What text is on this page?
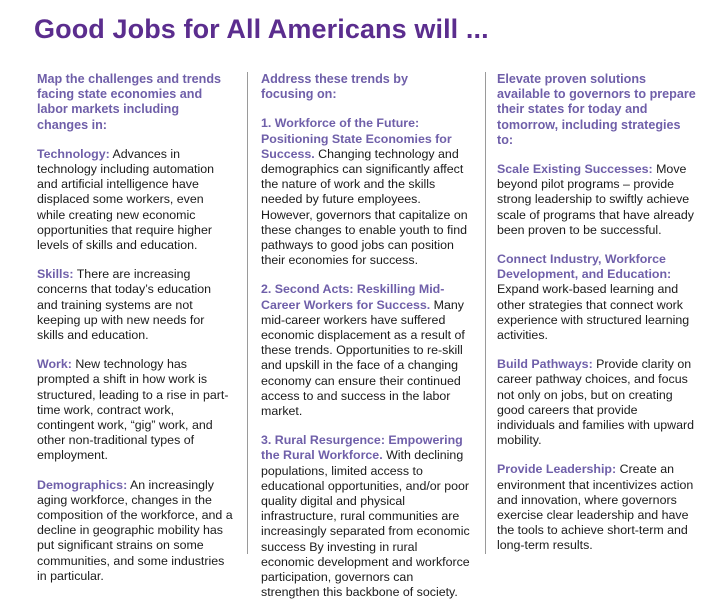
Good Jobs for All Americans will ...

Map the challenges and trends facing state economies and labor markets including changes in:

Technology: Advances in technology including automation and artificial intelligence have displaced some workers, even while creating new economic opportunities that require higher levels of skills and education.

Skills: There are increasing concerns that today’s education and training systems are not keeping up with new needs for skills and education.

Work: New technology has prompted a shift in how work is structured, leading to a rise in part-time work, contract work, contingent work, “gig” work, and other non-traditional types of employment.

Demographics: An increasingly aging workforce, changes in the composition of the workforce, and a decline in geographic mobility has put significant strains on some communities, and some industries in particular.

Address these trends by focusing on:

1. Workforce of the Future: Positioning State Economies for Success. Changing technology and demographics can significantly affect the nature of work and the skills needed by future employees. However, governors that capitalize on these changes to enable youth to find pathways to good jobs can position their economies for success.

2. Second Acts: Reskilling Mid-Career Workers for Success. Many mid-career workers have suffered economic displacement as a result of these trends. Opportunities to re-skill and upskill in the face of a changing economy can ensure their continued access to and success in the labor market.

3. Rural Resurgence: Empowering the Rural Workforce. With declining populations, limited access to educational opportunities, and/or poor quality digital and physical infrastructure, rural communities are increasingly separated from economic success By investing in rural economic development and workforce participation, governors can strengthen this backbone of society.

Elevate proven solutions available to governors to prepare their states for today and tomorrow, including strategies to:

Scale Existing Successes: Move beyond pilot programs – provide strong leadership to swiftly achieve scale of programs that have already been proven to be successful.

Connect Industry, Workforce Development, and Education: Expand work-based learning and other strategies that connect work experience with structured learning activities.

Build Pathways: Provide clarity on career pathway choices, and focus not only on jobs, but on creating good careers that provide individuals and families with upward mobility.

Provide Leadership: Create an environment that incentivizes action and innovation, where governors exercise clear leadership and have the tools to achieve short-term and long-term results.
